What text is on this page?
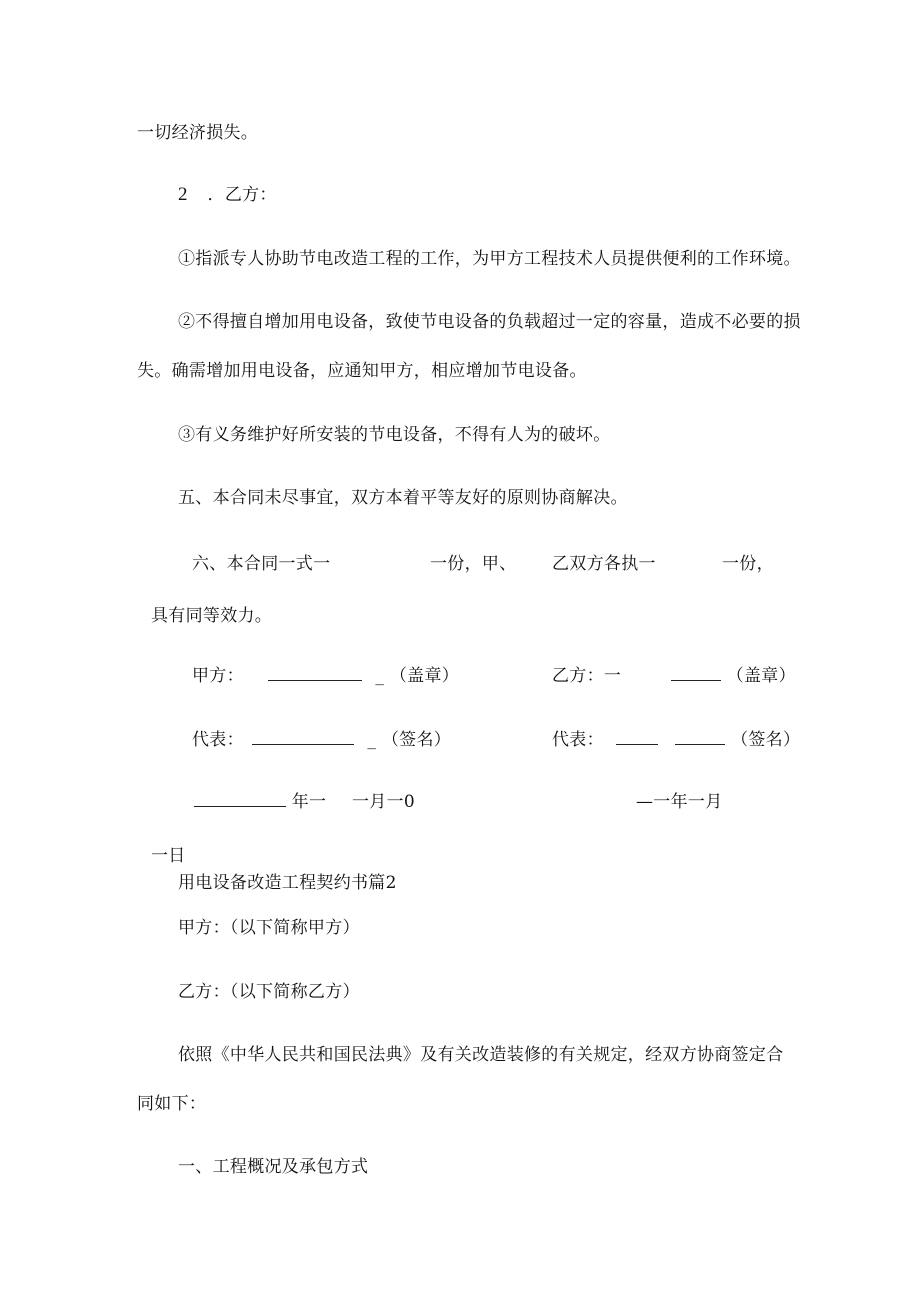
一切经济损失。
2 ．乙方：
①指派专人协助节电改造工程的工作，为甲方工程技术人员提供便利的工作环境。
②不得擅自增加用电设备，致使节电设备的负载超过一定的容量，造成不必要的损
失。确需增加用电设备，应通知甲方，相应增加节电设备。
③有义务维护好所安装的节电设备，不得有人为的破坏。
五、本合同未尽事宜，双方本着平等友好的原则协商解决。
六、本合同一式一	一份，甲、 乙双方各执一	一份，
具有同等效力。
甲方：	_ （盖章）	乙方：一	（盖章）
代表：	_ （签名）	代表：	（签名）
年一 一月一0	—一年一月
一日
用电设备改造工程契约书篇2
甲方：（以下简称甲方）
乙方：（以下简称乙方）
依照《中华人民共和国民法典》及有关改造装修的有关规定，经双方协商签定合
同如下：
一、工程概况及承包方式
